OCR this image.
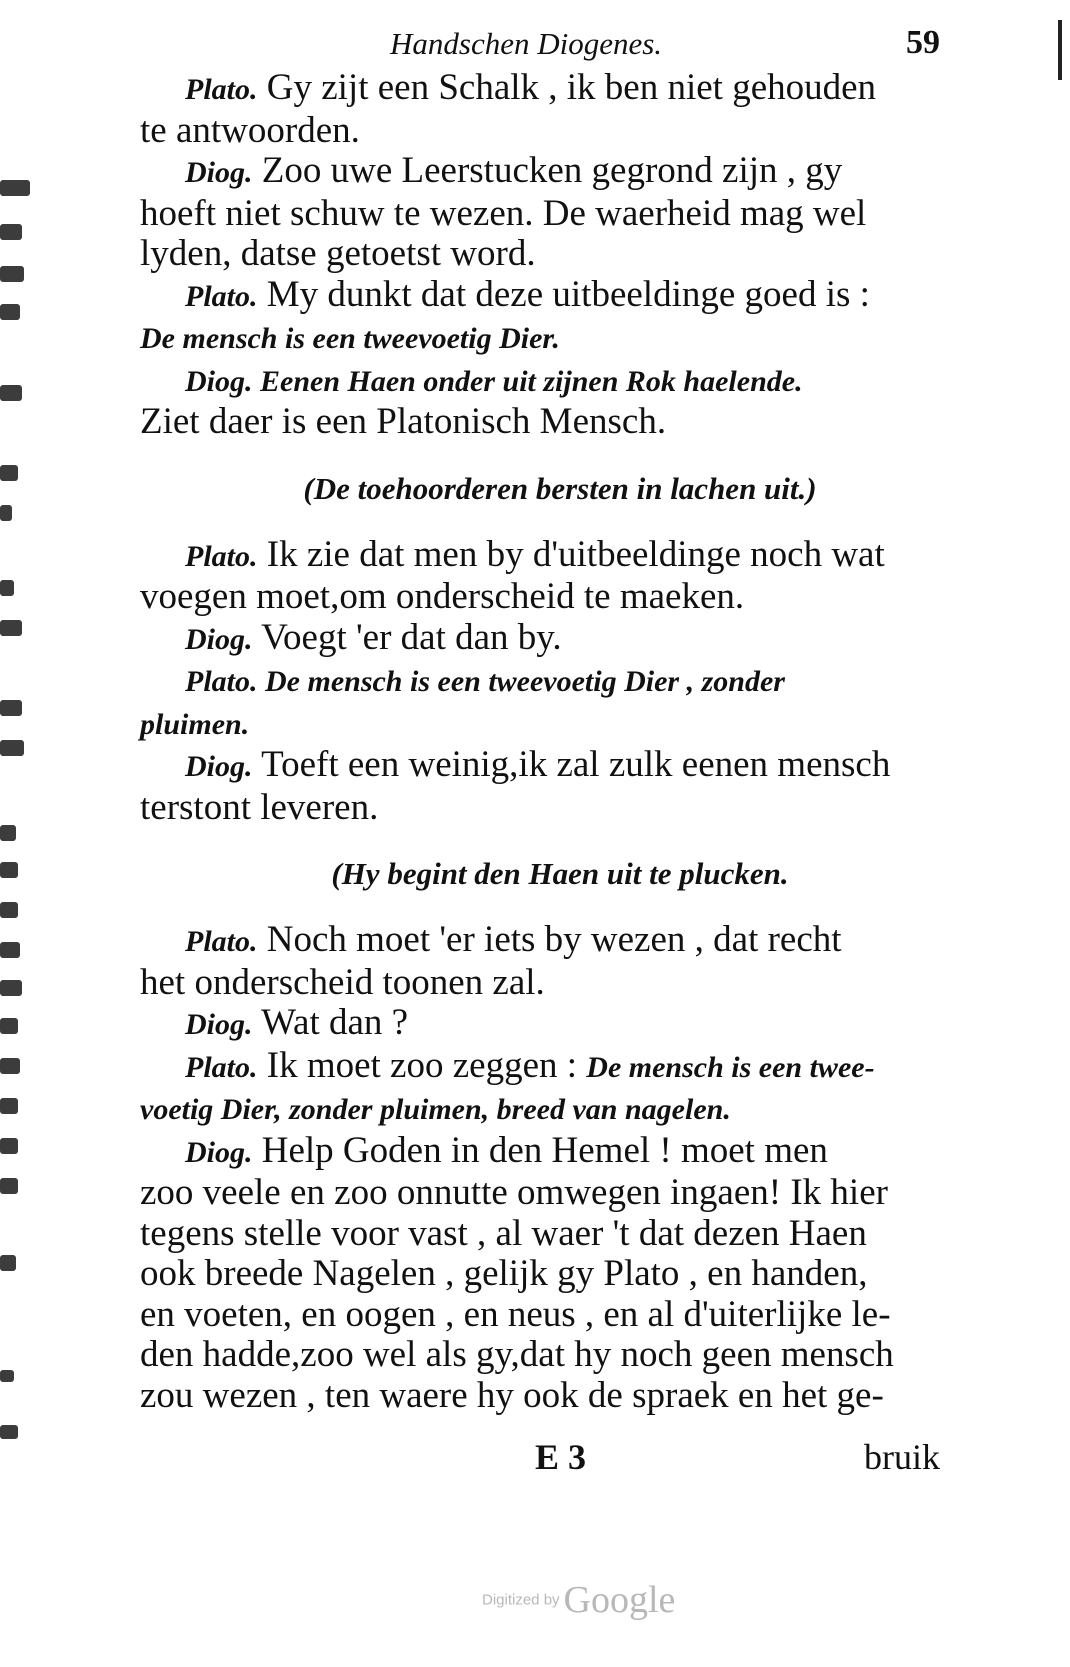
Handschen Diogenes.	59
Plato. Gy zijt een Schalk , ik ben niet gehouden
te antwoorden.
Diog. Zoo uwe Leerstucken gegrond zijn , gy
hoeft niet schuw te wezen. De waerheid mag wel
lyden, datse getoetst word.
Plato. My dunkt dat deze uitbeeldinge goed is :
De mensch is een tweevoetig Dier.
Diog. Eenen Haen onder uit zijnen Rok haelende.
Ziet daer is een Platonisch Mensch.
(De toehoorderen bersten in lachen uit.)
Plato. Ik zie dat men by d'uitbeeldinge noch wat
voegen moet,om onderscheid te maeken.
Diog. Voegt 'er dat dan by.
Plato. De mensch is een tweevoetig Dier , zonder
pluimen.
Diog. Toeft een weinig,ik zal zulk eenen mensch
terstont leveren.
(Hy begint den Haen uit te plucken.
Plato. Noch moet 'er iets by wezen , dat recht
het onderscheid toonen zal.
Diog. Wat dan ?
Plato. Ik moet zoo zeggen : De mensch is een twee-
voetig Dier, zonder pluimen, breed van nagelen.
Diog. Help Goden in den Hemel ! moet men
zoo veele en zoo onnutte omwegen ingaen! Ik hier
tegens stelle voor vast , al waer 't dat dezen Haen
ook breede Nagelen , gelijk gy Plato , en handen,
en voeten, en oogen , en neus , en al d'uiterlijke le-
den hadde,zoo wel als gy,dat hy noch geen mensch
zou wezen , ten waere hy ook de spraek en het ge-
E 3	bruik
Digitized by Google
